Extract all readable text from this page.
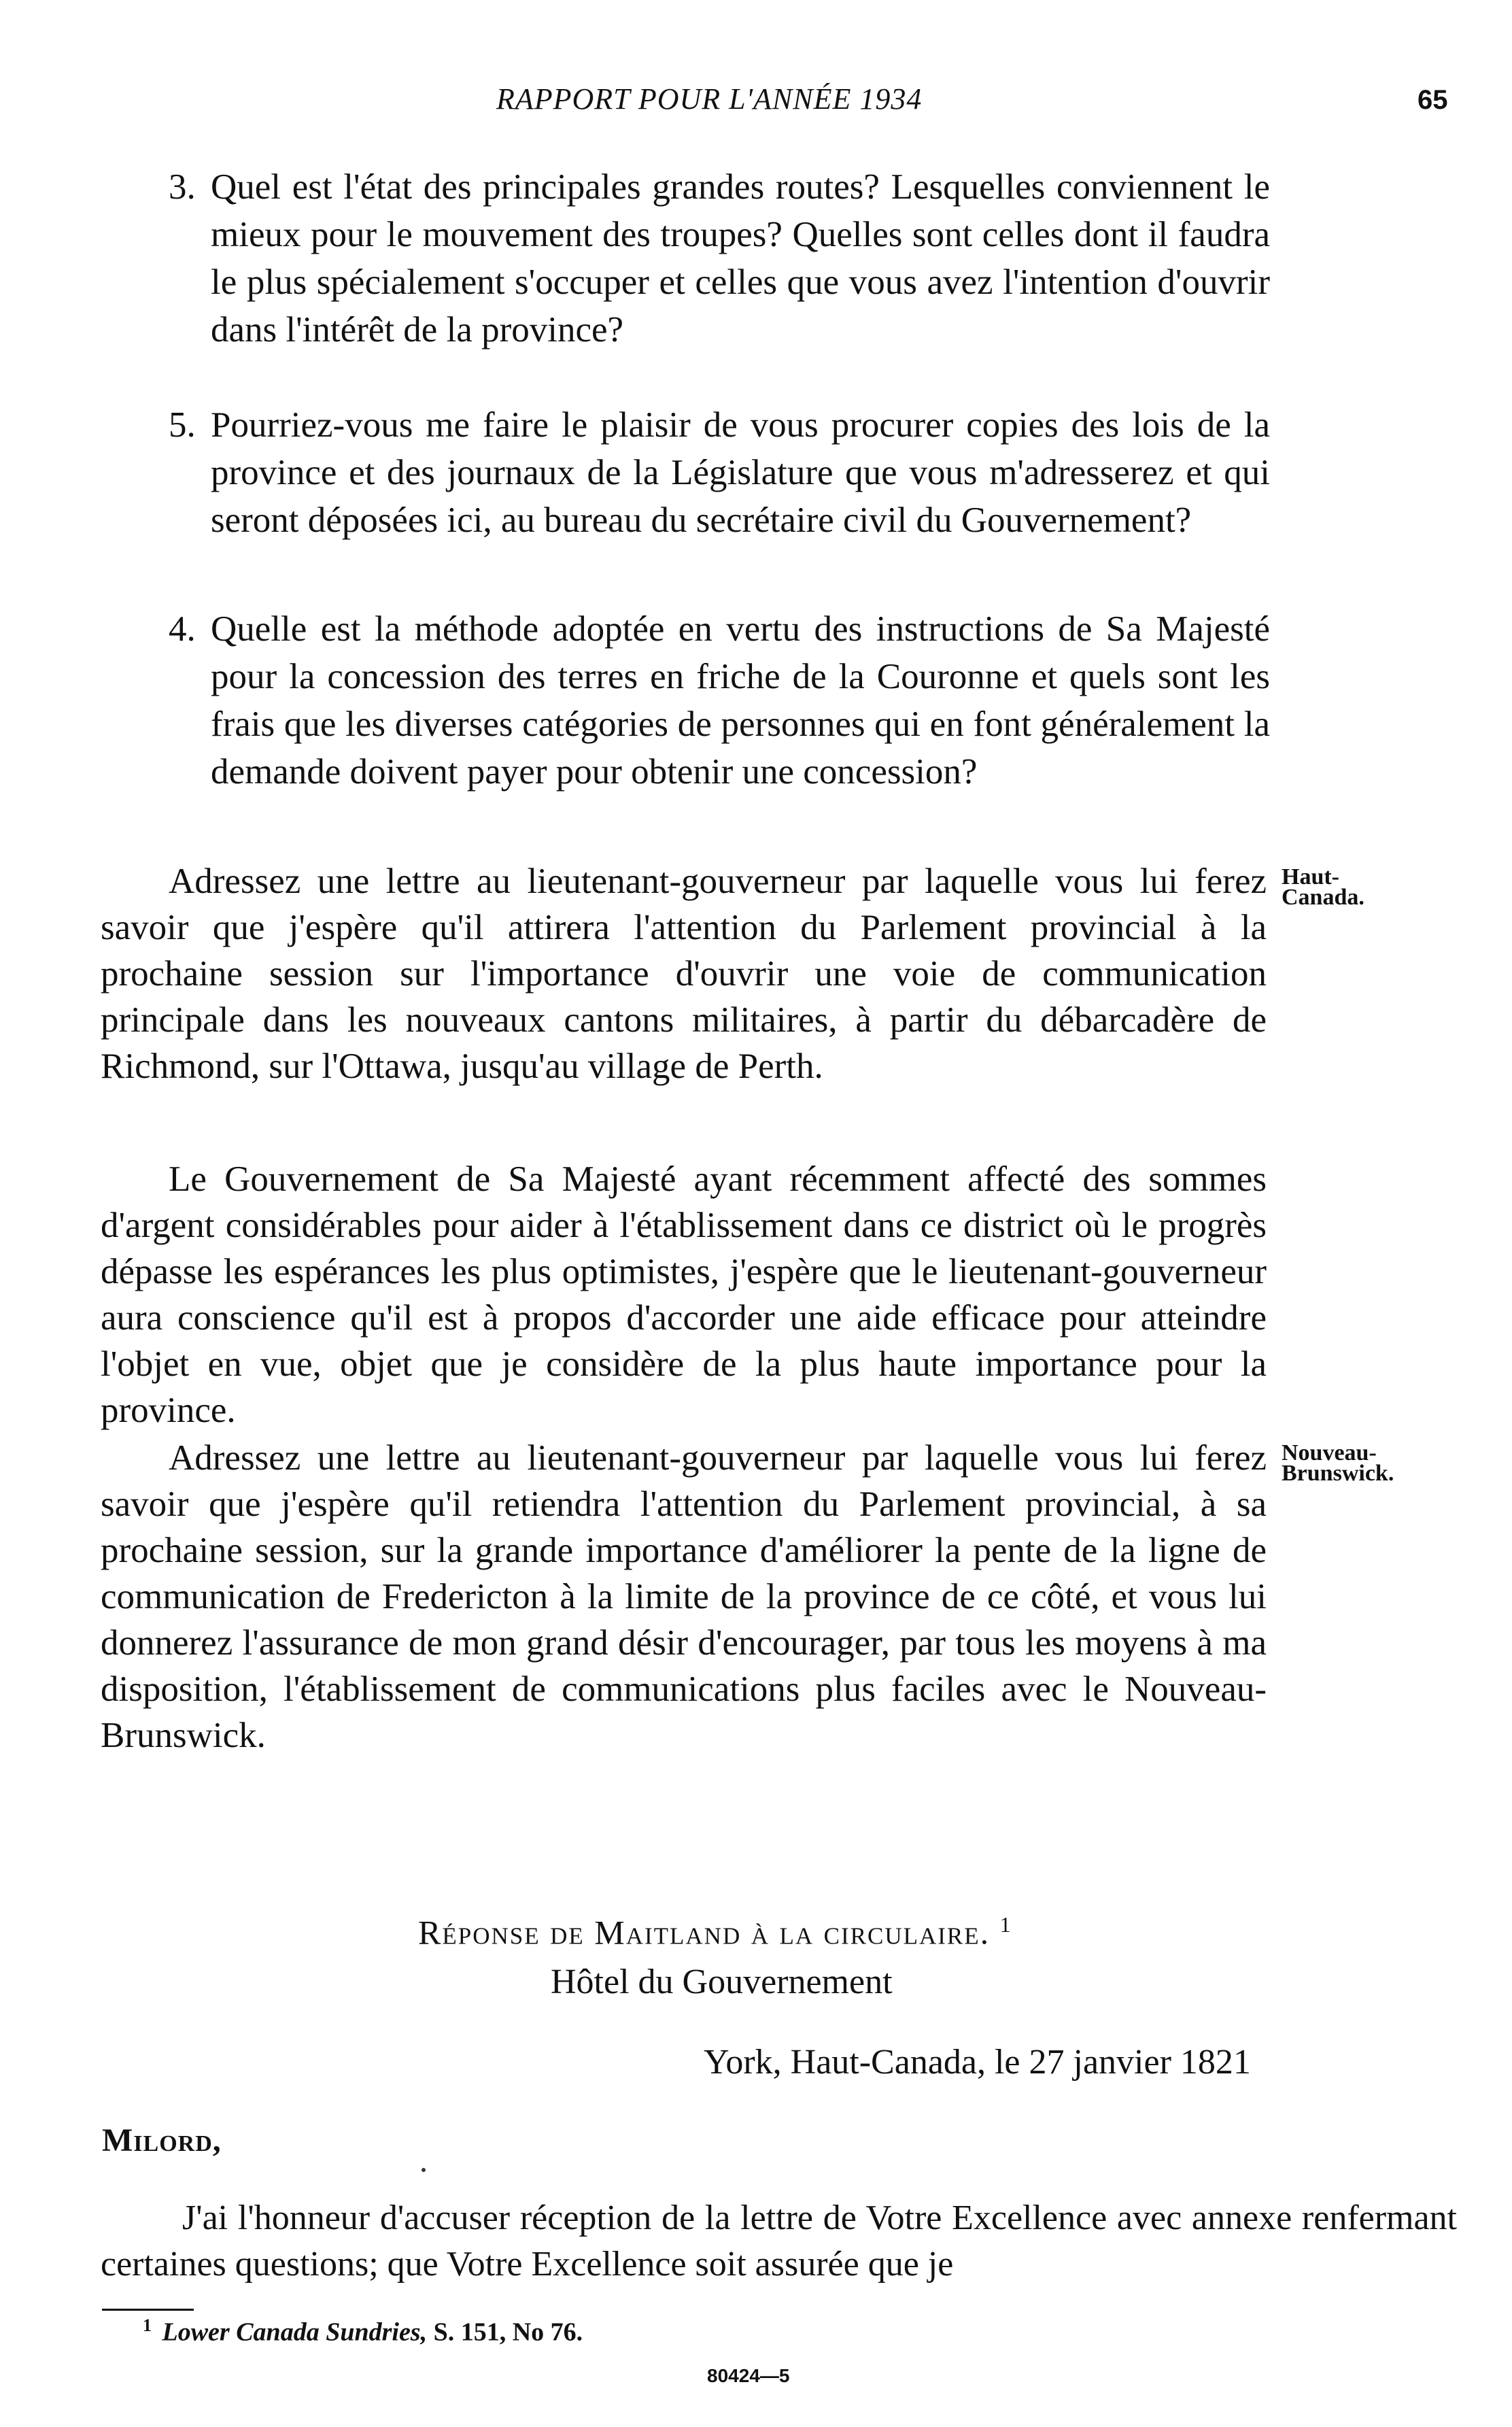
RAPPORT POUR L'ANNÉE 1934	65
3. Quel est l'état des principales grandes routes? Lesquelles conviennent le mieux pour le mouvement des troupes? Quelles sont celles dont il faudra le plus spécialement s'occuper et celles que vous avez l'intention d'ouvrir dans l'intérêt de la province?
5. Pourriez-vous me faire le plaisir de vous procurer copies des lois de la province et des journaux de la Législature que vous m'adresserez et qui seront déposées ici, au bureau du secrétaire civil du Gouvernement?
4. Quelle est la méthode adoptée en vertu des instructions de Sa Majesté pour la concession des terres en friche de la Couronne et quels sont les frais que les diverses catégories de personnes qui en font généralement la demande doivent payer pour obtenir une concession?
Adressez une lettre au lieutenant-gouverneur par laquelle vous lui ferez savoir que j'espère qu'il attirera l'attention du Parlement provincial à la prochaine session sur l'importance d'ouvrir une voie de communication principale dans les nouveaux cantons militaires, à partir du débarcadère de Richmond, sur l'Ottawa, jusqu'au village de Perth.
Haut-
Canada.
Le Gouvernement de Sa Majesté ayant récemment affecté des sommes d'argent considérables pour aider à l'établissement dans ce district où le progrès dépasse les espérances les plus optimistes, j'espère que le lieutenant-gouverneur aura conscience qu'il est à propos d'accorder une aide efficace pour atteindre l'objet en vue, objet que je considère de la plus haute importance pour la province.
Adressez une lettre au lieutenant-gouverneur par laquelle vous lui ferez savoir que j'espère qu'il retiendra l'attention du Parlement provincial, à sa prochaine session, sur la grande importance d'améliorer la pente de la ligne de communication de Fredericton à la limite de la province de ce côté, et vous lui donnerez l'assurance de mon grand désir d'encourager, par tous les moyens à ma disposition, l'établissement de communications plus faciles avec le Nouveau-Brunswick.
Nouveau-
Brunswick.
Réponse de Maitland à la circulaire. $^1$
Hôtel du Gouvernement
York, Haut-Canada, le 27 janvier 1821
Milord,
J'ai l'honneur d'accuser réception de la lettre de Votre Excellence avec annexe renfermant certaines questions; que Votre Excellence soit assurée que je
$^1$ Lower Canada Sundries, S. 151, No 76.
80424—5
